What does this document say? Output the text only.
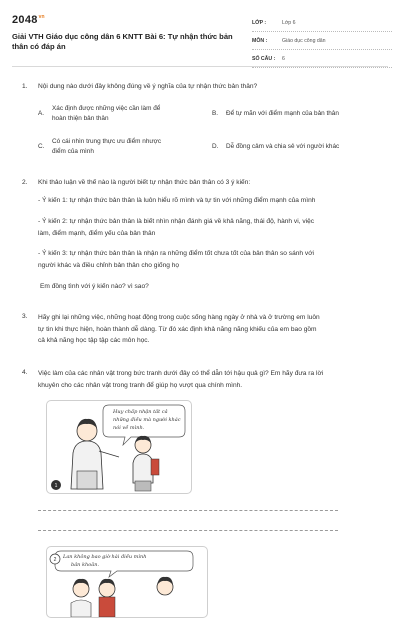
$2048^{vn}$
Giải VTH Giáo dục công dân 6 KNTT Bài 6: Tự nhận thức bản thân có đáp án
LỚP :	Lớp 6
MÔN :	Giáo dục công dân
SỐ CÂU :	6
1.	Nội dung nào dưới đây không đúng về ý nghĩa của tự nhận thức bản thân?
A.
Xác định được những việc cần làm để
hoàn thiện bản thân
B.	Để tự mãn với điểm mạnh của bản thân
C.
Có cái nhìn trung thực ưu điểm nhược
điểm của mình
D.	Dễ đồng cảm và chia sẻ với người khác
2.	Khi thảo luận về thế nào là người biết tự nhận thức bản thân có 3 ý kiến:
- Ý kiến 1: tự nhận thức bản thân là luôn hiểu rõ mình và tự tin với những điểm mạnh của mình
- Ý kiến 2: tự nhận thức bản thân là biết nhìn nhận đánh giá về khả năng, thái độ, hành vi, việc
làm, điểm mạnh, điểm yếu của bản thân
- Ý kiến 3: tự nhận thức bản thân là nhận ra những điểm tốt chưa tốt của bản thân so sánh với
người khác và điều chỉnh bản thân cho giống họ
Em đồng tình với ý kiến nào? vì sao?
3.	Hãy ghi lại những việc, những hoạt động trong cuộc sống hàng ngày ở nhà và ở trường em luôn
tự tin khi thực hiện, hoàn thành dễ dàng. Từ đó xác định khả năng năng khiếu của em bao gồm
cả khả năng học tập tập các môn học.
4.	Việc làm của các nhân vật trong bức tranh dưới đây có thể dẫn tới hậu quả gì? Em hãy đưa ra lời
khuyên cho các nhân vật trong tranh để giúp họ vượt qua chính mình.
Huy chấp nhận tất cả
những điều mà người khác
nói về mình.
1
Lan không bao giờ hài điều mình
bản khoăn.
2
